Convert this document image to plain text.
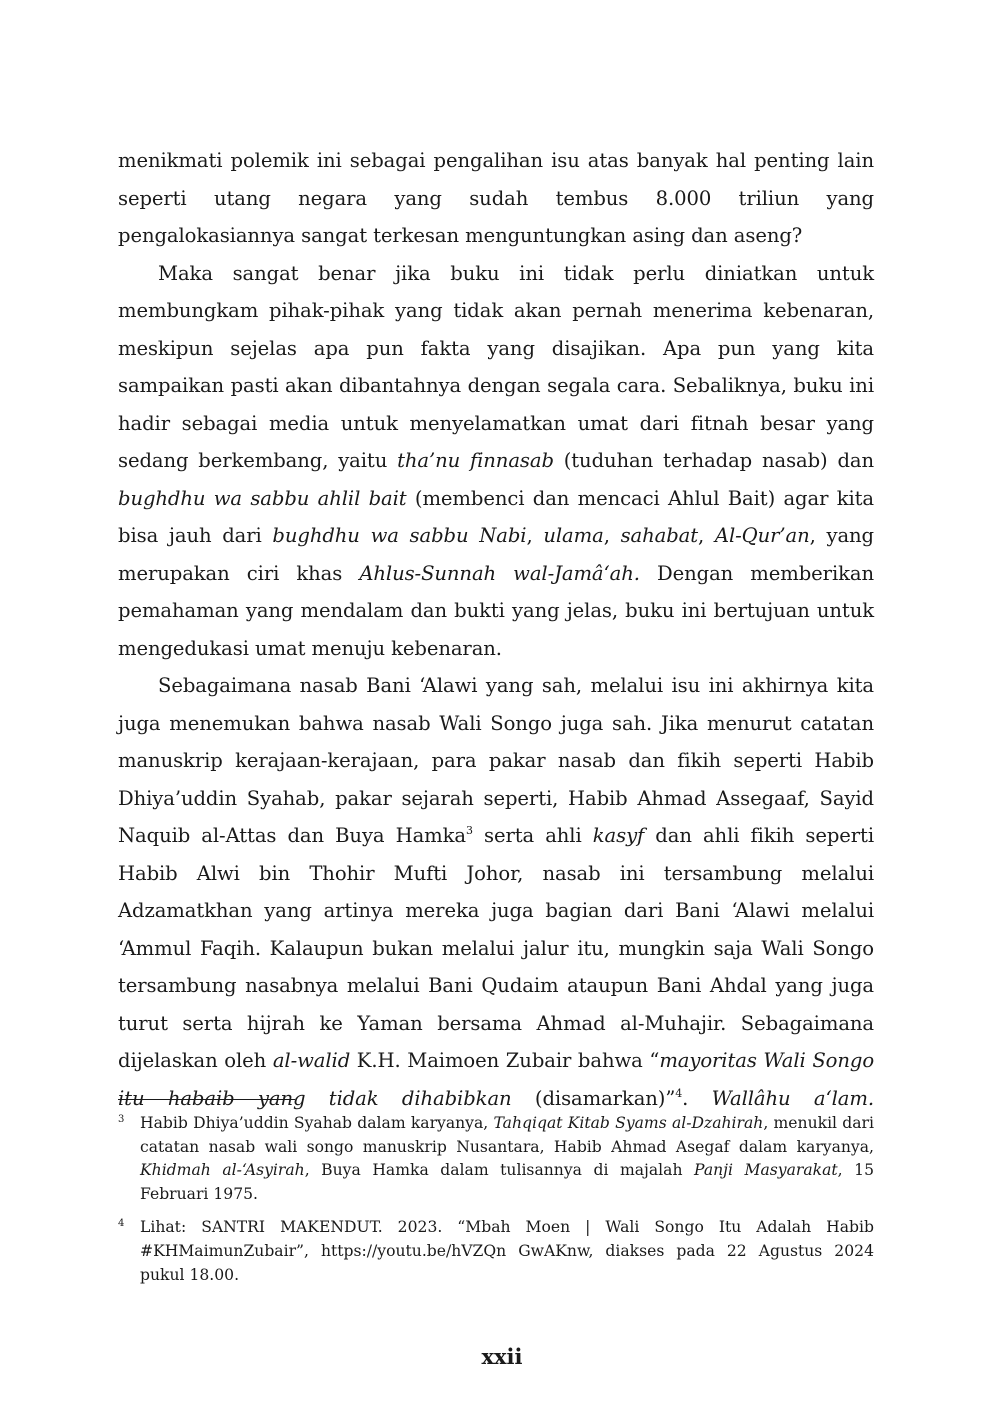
menikmati polemik ini sebagai pengalihan isu atas banyak hal penting lain seperti utang negara yang sudah tembus 8.000 triliun yang pengalokasiannya sangat terkesan menguntungkan asing dan aseng?

Maka sangat benar jika buku ini tidak perlu diniatkan untuk membungkam pihak-pihak yang tidak akan pernah menerima kebenaran, meskipun sejelas apa pun fakta yang disajikan. Apa pun yang kita sampaikan pasti akan dibantahnya dengan segala cara. Sebaliknya, buku ini hadir sebagai media untuk menyelamatkan umat dari fitnah besar yang sedang berkembang, yaitu tha’nu finnasab (tuduhan terhadap nasab) dan bughdhu wa sabbu ahlil bait (membenci dan mencaci Ahlul Bait) agar kita bisa jauh dari bughdhu wa sabbu Nabi, ulama, sahabat, Al-Qur’an, yang merupakan ciri khas Ahlus-Sunnah wal-Jamâ‘ah. Dengan memberikan pemahaman yang mendalam dan bukti yang jelas, buku ini bertujuan untuk mengedukasi umat menuju kebenaran.

Sebagaimana nasab Bani ‘Alawi yang sah, melalui isu ini akhirnya kita juga menemukan bahwa nasab Wali Songo juga sah. Jika menurut catatan manuskrip kerajaan-kerajaan, para pakar nasab dan fikih seperti Habib Dhiya’uddin Syahab, pakar sejarah seperti, Habib Ahmad Assegaaf, Sayid Naquib al-Attas dan Buya Hamka$^3$ serta ahli kasyf dan ahli fikih seperti Habib Alwi bin Thohir Mufti Johor, nasab ini tersambung melalui Adzamatkhan yang artinya mereka juga bagian dari Bani ‘Alawi melalui ‘Ammul Faqih. Kalaupun bukan melalui jalur itu, mungkin saja Wali Songo tersambung nasabnya melalui Bani Qudaim ataupun Bani Ahdal yang juga turut serta hijrah ke Yaman bersama Ahmad al-Muhajir. Sebagaimana dijelaskan oleh al-walid K.H. Maimoen Zubair bahwa “mayoritas Wali Songo itu habaib yang tidak dihabibkan (disamarkan)”$^4$. Wallâhu a‘lam.

3	Habib Dhiya’uddin Syahab dalam karyanya, Tahqiqat Kitab Syams al-Dzahirah, menukil dari catatan nasab wali songo manuskrip Nusantara, Habib Ahmad Asegaf dalam karyanya, Khidmah al-‘Asyirah, Buya Hamka dalam tulisannya di majalah Panji Masyarakat, 15 Februari 1975.
4	Lihat: SANTRI MAKENDUT. 2023. “Mbah Moen | Wali Songo Itu Adalah Habib #KHMaimunZubair”, https://youtu.be/hVZQn GwAKnw, diakses pada 22 Agustus 2024 pukul 18.00.
xxii
